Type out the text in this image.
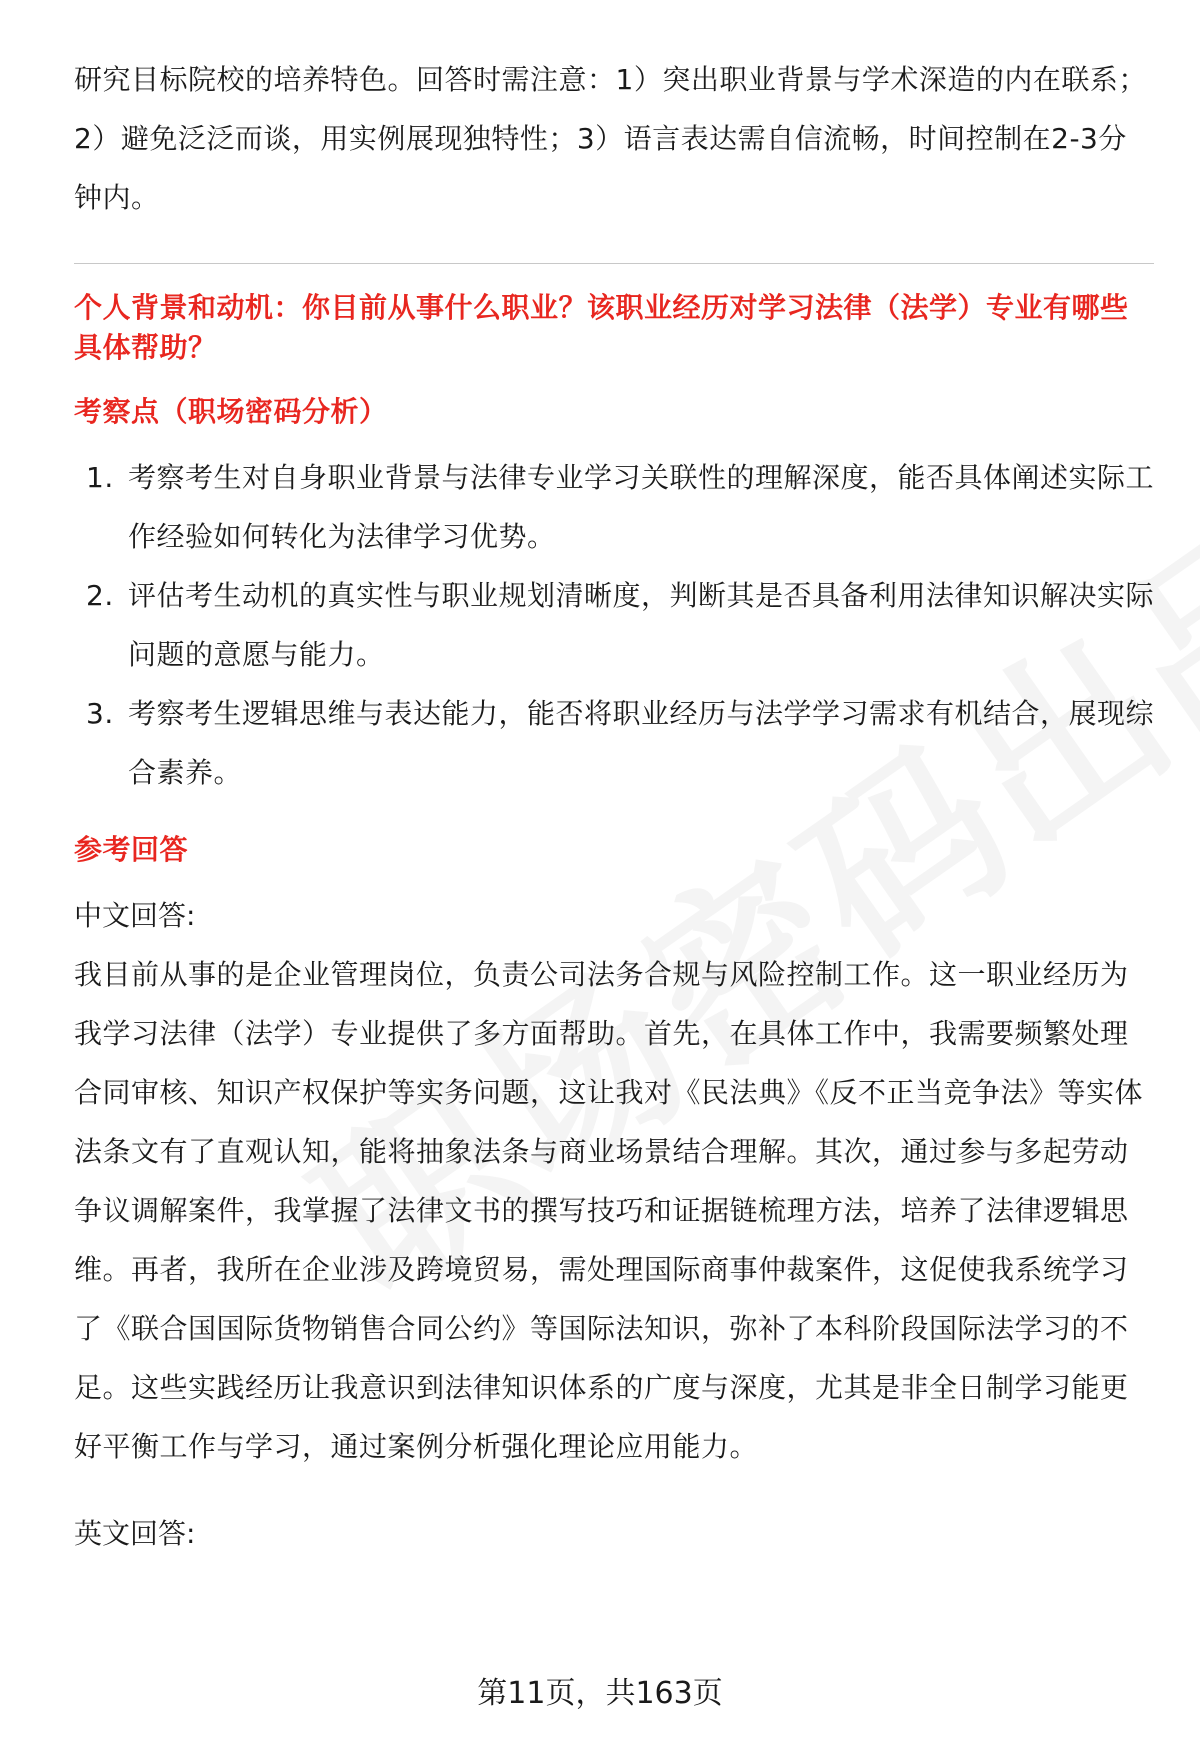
研究目标院校的培养特色。回答时需注意：1）突出职业背景与学术深造的内在联系；2）避免泛泛而谈，用实例展现独特性；3）语言表达需自信流畅，时间控制在2-3分钟内。

个人背景和动机：你目前从事什么职业？该职业经历对学习法律（法学）专业有哪些具体帮助？

考察点（职场密码分析）

1. 考察考生对自身职业背景与法律专业学习关联性的理解深度，能否具体阐述实际工作经验如何转化为法律学习优势。
2. 评估考生动机的真实性与职业规划清晰度，判断其是否具备利用法律知识解决实际问题的意愿与能力。
3. 考察考生逻辑思维与表达能力，能否将职业经历与法学学习需求有机结合，展现综合素养。

参考回答

中文回答:

我目前从事的是企业管理岗位，负责公司法务合规与风险控制工作。这一职业经历为我学习法律（法学）专业提供了多方面帮助。首先，在具体工作中，我需要频繁处理合同审核、知识产权保护等实务问题，这让我对《民法典》《反不正当竞争法》等实体法条文有了直观认知，能将抽象法条与商业场景结合理解。其次，通过参与多起劳动争议调解案件，我掌握了法律文书的撰写技巧和证据链梳理方法，培养了法律逻辑思维。再者，我所在企业涉及跨境贸易，需处理国际商事仲裁案件，这促使我系统学习了《联合国国际货物销售合同公约》等国际法知识，弥补了本科阶段国际法学习的不足。这些实践经历让我意识到法律知识体系的广度与深度，尤其是非全日制学习能更好平衡工作与学习，通过案例分析强化理论应用能力。

英文回答:
第11页，共163页
